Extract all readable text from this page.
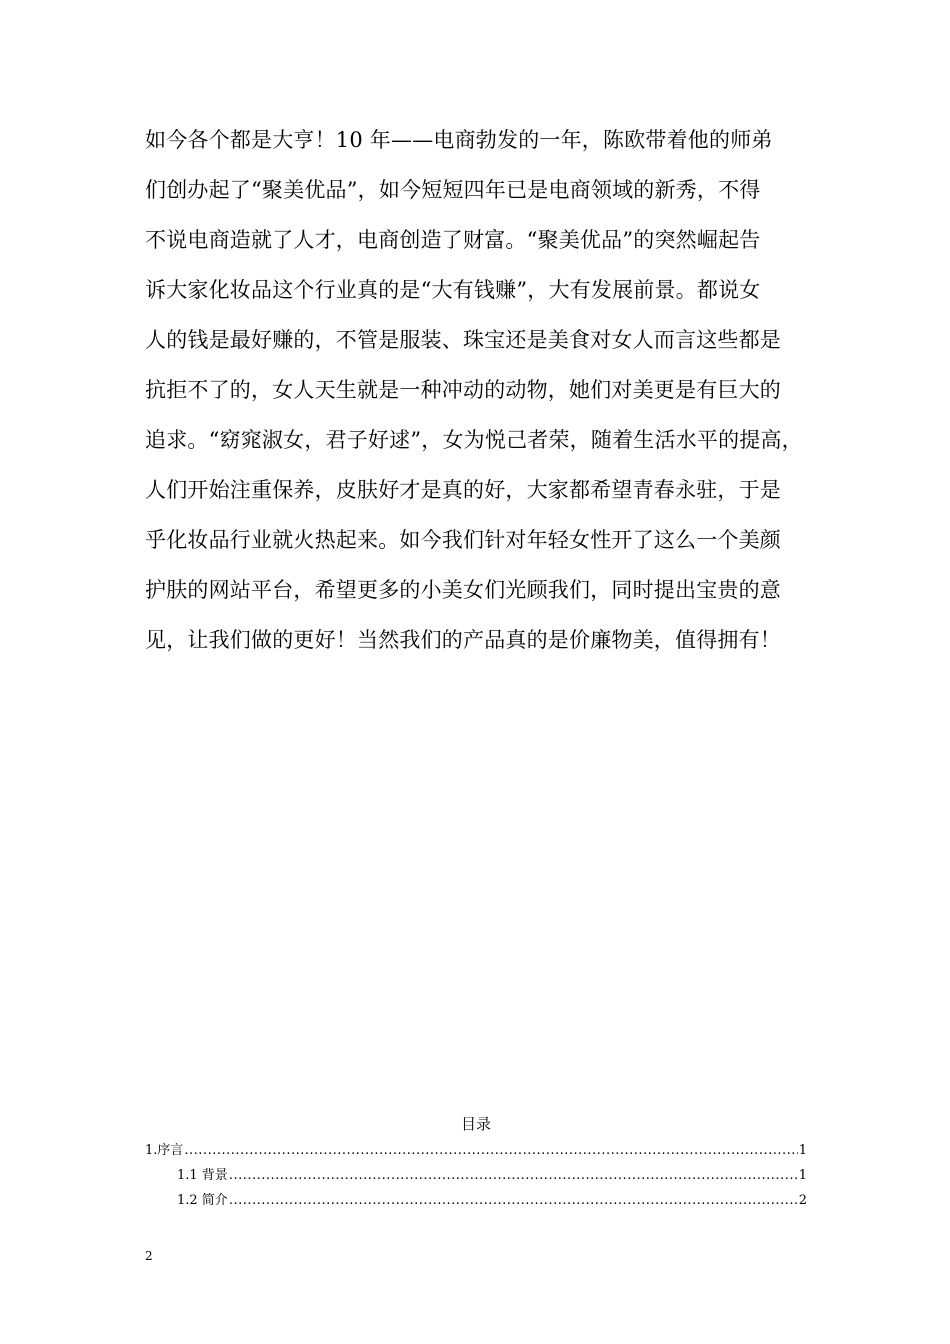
如今各个都是大亨！10 年——电商勃发的一年，陈欧带着他的师弟
们创办起了“聚美优品”，如今短短四年已是电商领域的新秀，不得
不说电商造就了人才，电商创造了财富。“聚美优品”的突然崛起告
诉大家化妆品这个行业真的是“大有钱赚”，大有发展前景。都说女
人的钱是最好赚的，不管是服装、珠宝还是美食对女人而言这些都是
抗拒不了的，女人天生就是一种冲动的动物，她们对美更是有巨大的
追求。“窈窕淑女，君子好逑”，女为悦己者荣，随着生活水平的提高，
人们开始注重保养，皮肤好才是真的好，大家都希望青春永驻，于是
乎化妆品行业就火热起来。如今我们针对年轻女性开了这么一个美颜
护肤的网站平台，希望更多的小美女们光顾我们，同时提出宝贵的意
见，让我们做的更好！当然我们的产品真的是价廉物美，值得拥有！
目录
1.序言 .....	1
1.1 背景 .....	1
1.2 简介 .....	2
2
